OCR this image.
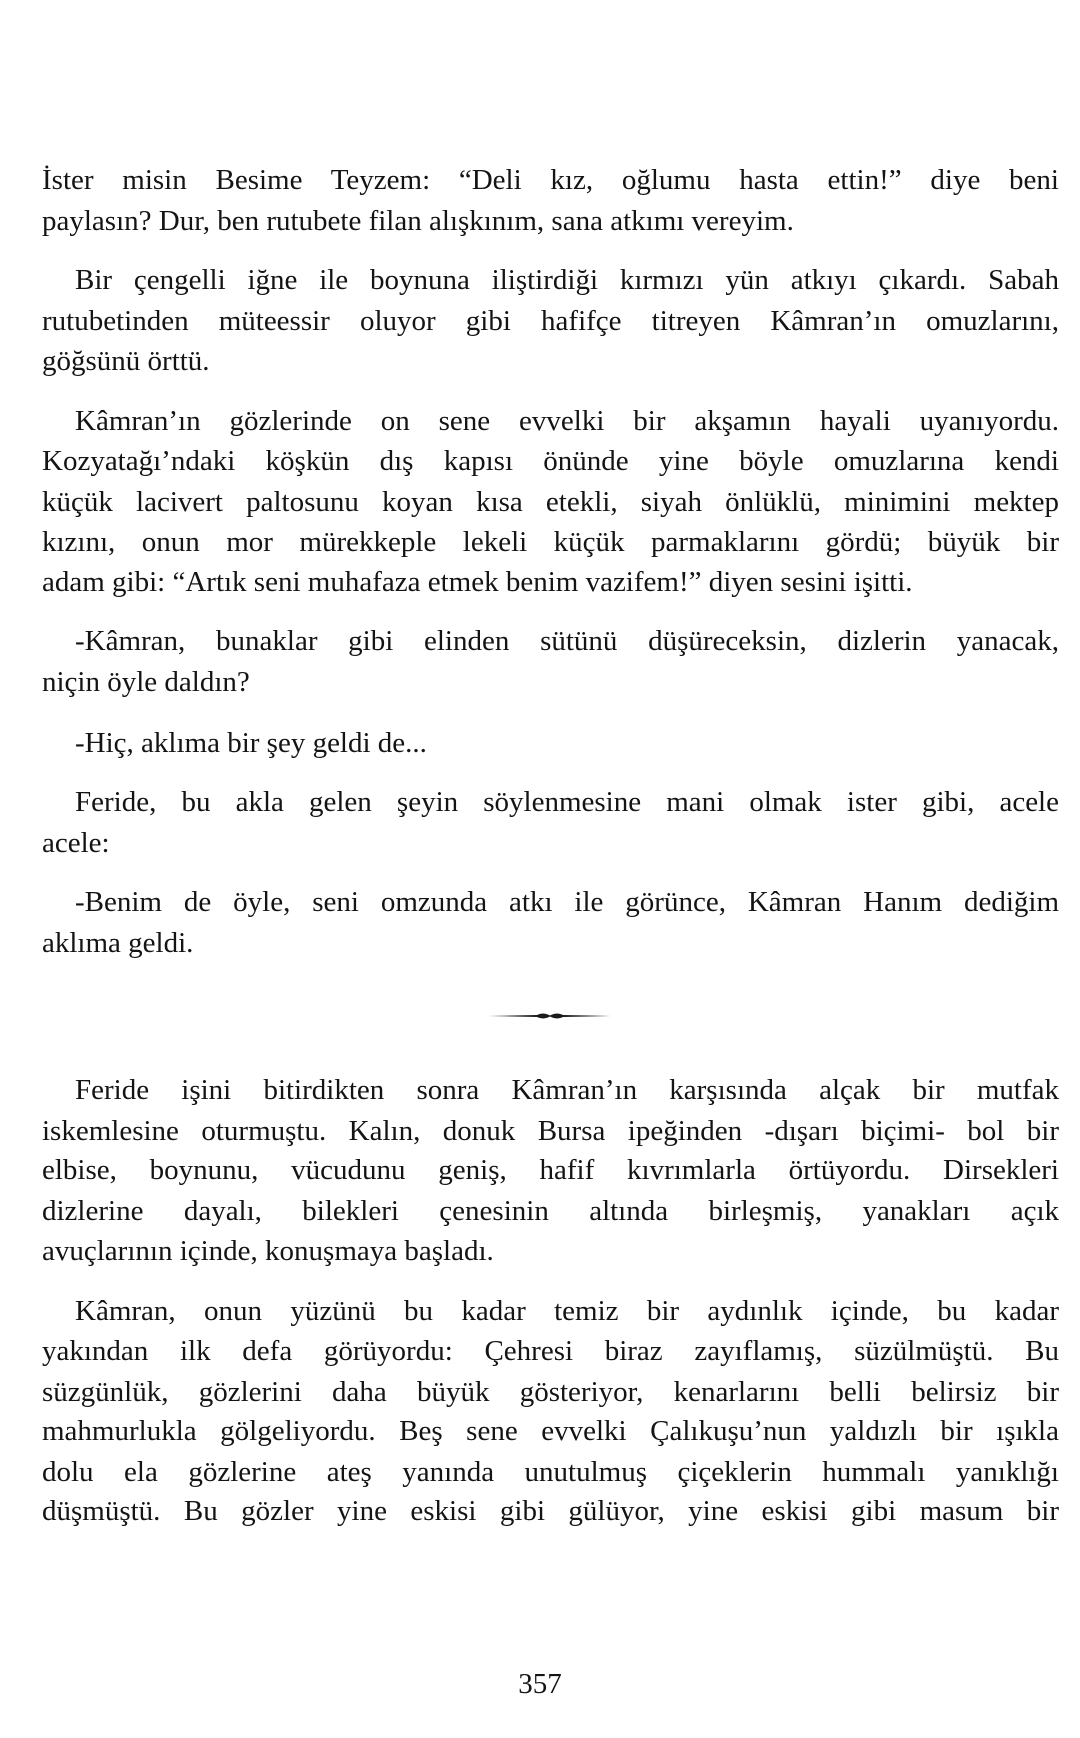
İster misin Besime Teyzem: “Deli kız, oğlumu hasta ettin!” diye beni
paylasın? Dur, ben rutubete filan alışkınım, sana atkımı vereyim.
Bir çengelli iğne ile boynuna iliştirdiği kırmızı yün atkıyı çıkardı. Sabah
rutubetinden müteessir oluyor gibi hafifçe titreyen Kâmran’ın omuzlarını,
göğsünü örttü.
Kâmran’ın gözlerinde on sene evvelki bir akşamın hayali uyanıyordu.
Kozyatağı’ndaki köşkün dış kapısı önünde yine böyle omuzlarına kendi
küçük lacivert paltosunu koyan kısa etekli, siyah önlüklü, minimini mektep
kızını, onun mor mürekkeple lekeli küçük parmaklarını gördü; büyük bir
adam gibi: “Artık seni muhafaza etmek benim vazifem!” diyen sesini işitti.
-Kâmran, bunaklar gibi elinden sütünü düşüreceksin, dizlerin yanacak,
niçin öyle daldın?
-Hiç, aklıma bir şey geldi de...
Feride, bu akla gelen şeyin söylenmesine mani olmak ister gibi, acele
acele:
-Benim de öyle, seni omzunda atkı ile görünce, Kâmran Hanım dediğim
aklıma geldi.
Feride işini bitirdikten sonra Kâmran’ın karşısında alçak bir mutfak
iskemlesine oturmuştu. Kalın, donuk Bursa ipeğinden -dışarı biçimi- bol bir
elbise, boynunu, vücudunu geniş, hafif kıvrımlarla örtüyordu. Dirsekleri
dizlerine dayalı, bilekleri çenesinin altında birleşmiş, yanakları açık
avuçlarının içinde, konuşmaya başladı.
Kâmran, onun yüzünü bu kadar temiz bir aydınlık içinde, bu kadar
yakından ilk defa görüyordu: Çehresi biraz zayıflamış, süzülmüştü. Bu
süzgünlük, gözlerini daha büyük gösteriyor, kenarlarını belli belirsiz bir
mahmurlukla gölgeliyordu. Beş sene evvelki Çalıkuşu’nun yaldızlı bir ışıkla
dolu ela gözlerine ateş yanında unutulmuş çiçeklerin hummalı yanıklığı
düşmüştü. Bu gözler yine eskisi gibi gülüyor, yine eskisi gibi masum bir
357
